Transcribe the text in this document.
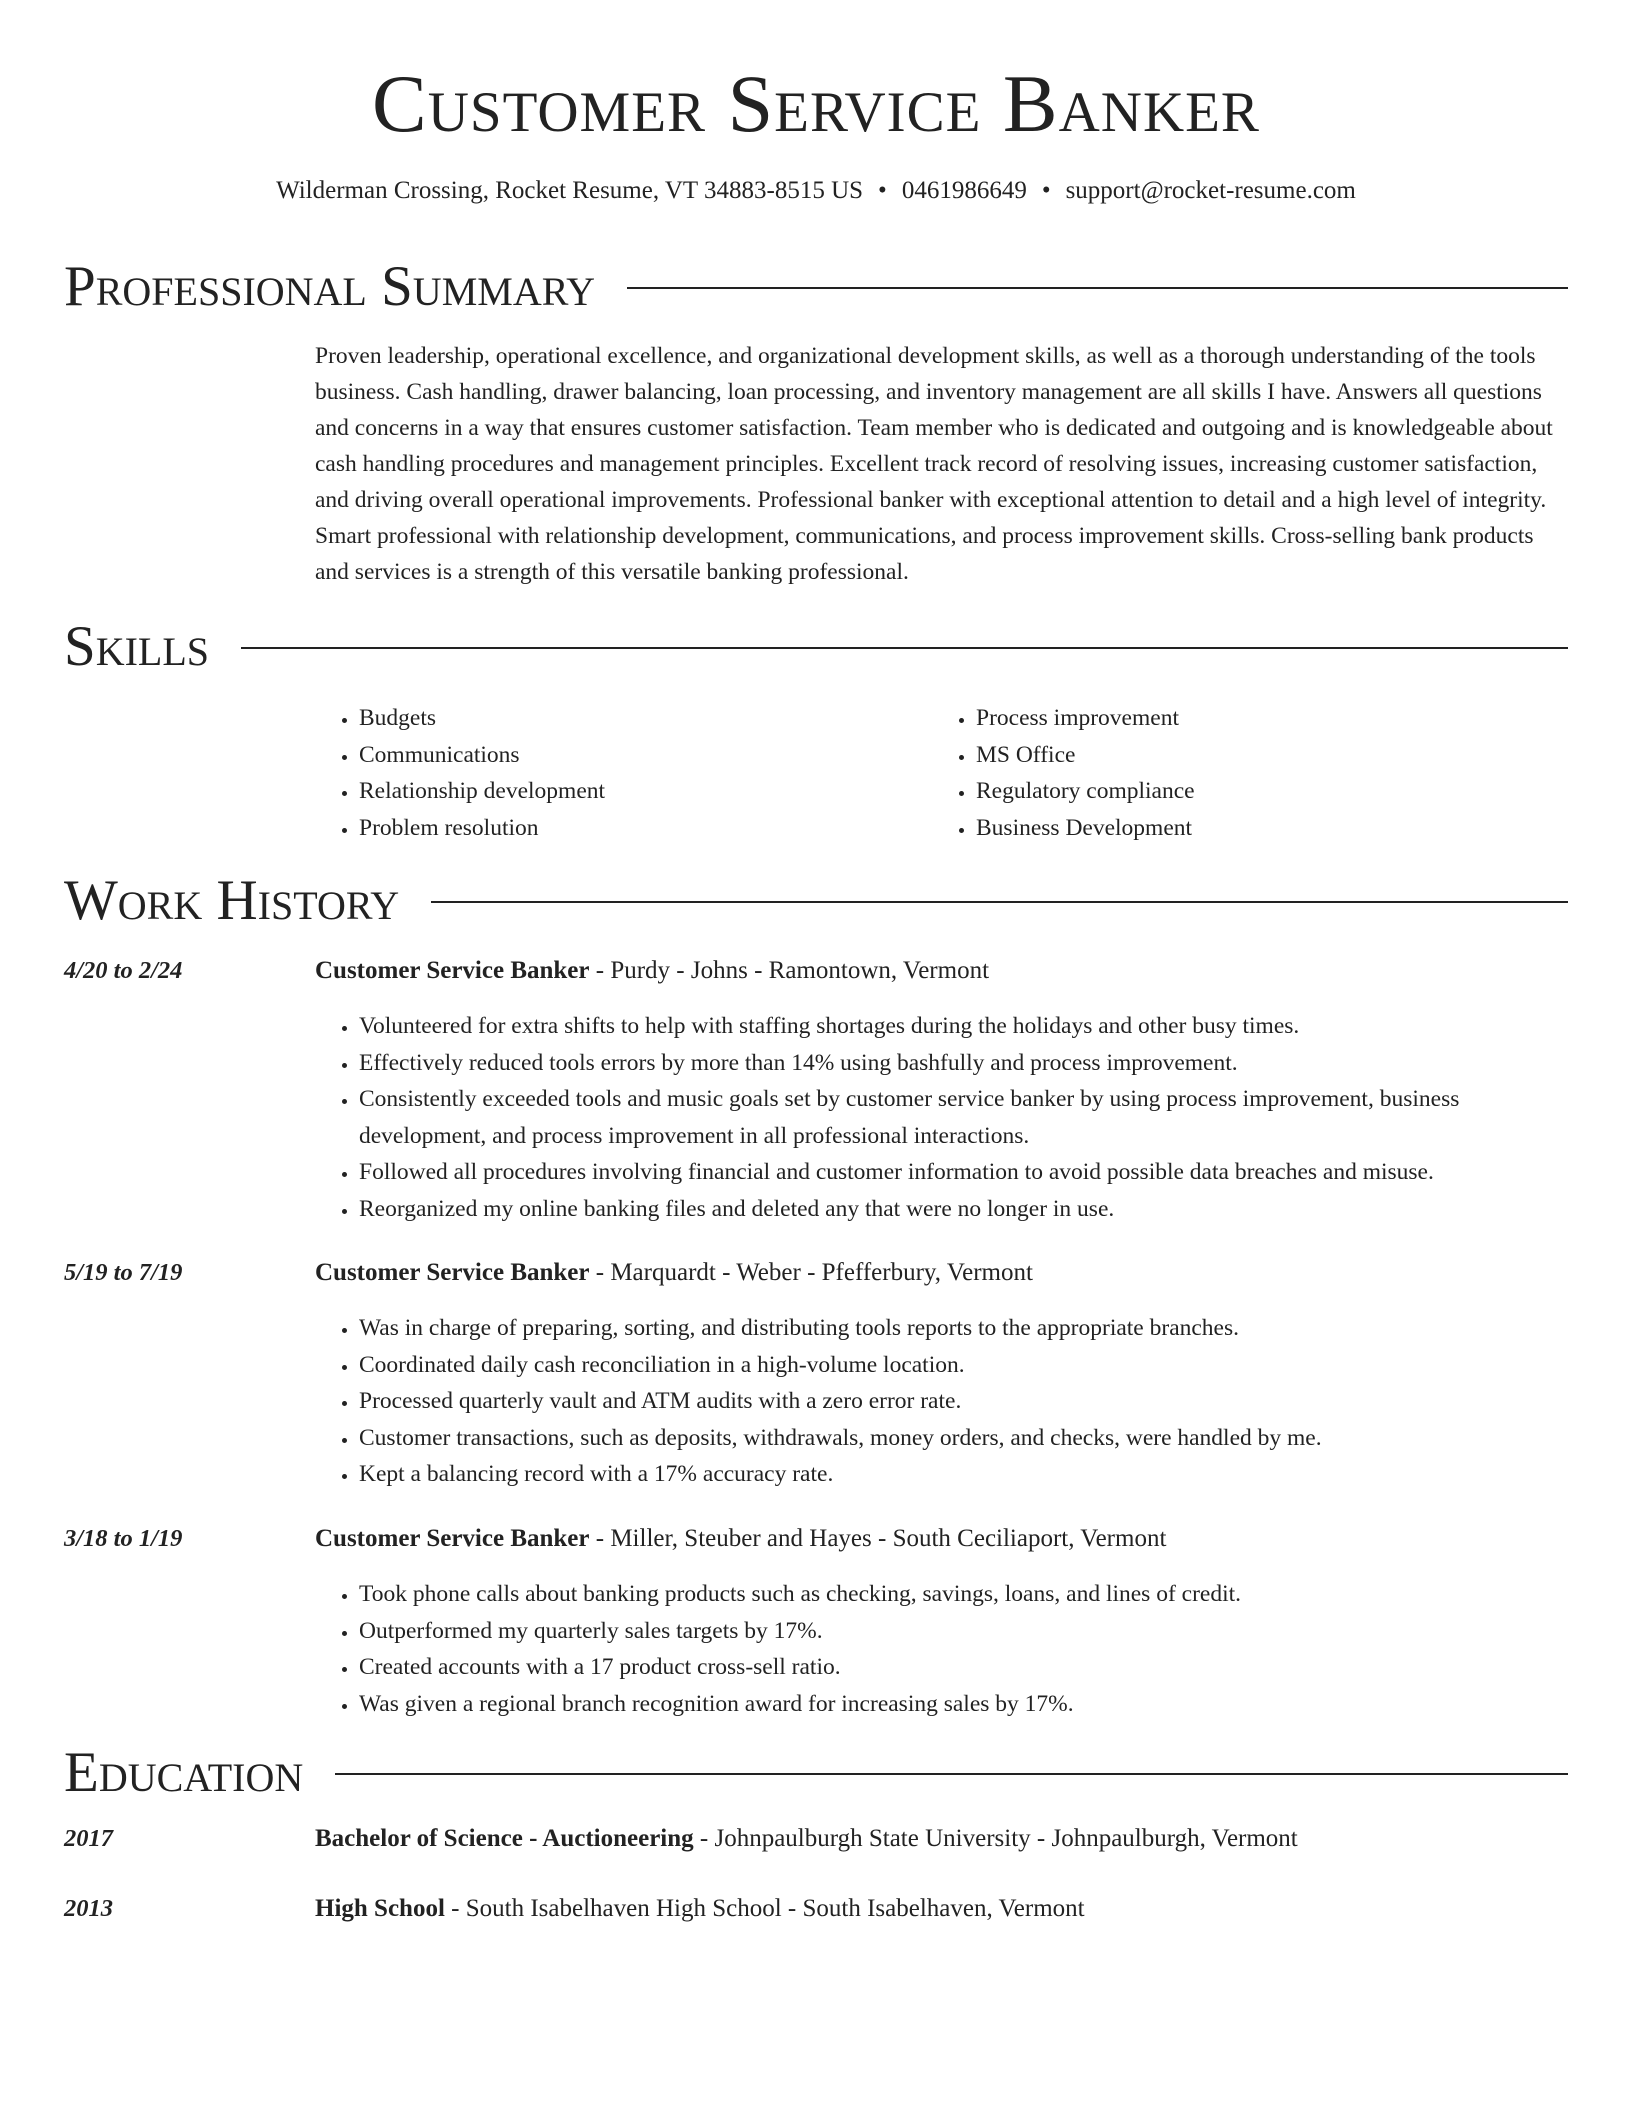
Customer Service Banker
Wilderman Crossing, Rocket Resume, VT 34883-8515 US • 0461986649 • support@rocket-resume.com
Professional Summary

Proven leadership, operational excellence, and organizational development skills, as well as a thorough understanding of the tools business. Cash handling, drawer balancing, loan processing, and inventory management are all skills I have. Answers all questions and concerns in a way that ensures customer satisfaction. Team member who is dedicated and outgoing and is knowledgeable about cash handling procedures and management principles. Excellent track record of resolving issues, increasing customer satisfaction, and driving overall operational improvements. Professional banker with exceptional attention to detail and a high level of integrity. Smart professional with relationship development, communications, and process improvement skills. Cross-selling bank products and services is a strength of this versatile banking professional.

Skills
• Budgets
• Communications
• Relationship development
• Problem resolution
• Process improvement
• MS Office
• Regulatory compliance
• Business Development
Work History
4/20 to 2/24	Customer Service Banker - Purdy - Johns - Ramontown, Vermont
• Volunteered for extra shifts to help with staffing shortages during the holidays and other busy times.
• Effectively reduced tools errors by more than 14% using bashfully and process improvement.
• Consistently exceeded tools and music goals set by customer service banker by using process improvement, business development, and process improvement in all professional interactions.
• Followed all procedures involving financial and customer information to avoid possible data breaches and misuse.
• Reorganized my online banking files and deleted any that were no longer in use.
5/19 to 7/19	Customer Service Banker - Marquardt - Weber - Pfefferbury, Vermont
• Was in charge of preparing, sorting, and distributing tools reports to the appropriate branches.
• Coordinated daily cash reconciliation in a high-volume location.
• Processed quarterly vault and ATM audits with a zero error rate.
• Customer transactions, such as deposits, withdrawals, money orders, and checks, were handled by me.
• Kept a balancing record with a 17% accuracy rate.
3/18 to 1/19	Customer Service Banker - Miller, Steuber and Hayes - South Ceciliaport, Vermont
• Took phone calls about banking products such as checking, savings, loans, and lines of credit.
• Outperformed my quarterly sales targets by 17%.
• Created accounts with a 17 product cross-sell ratio.
• Was given a regional branch recognition award for increasing sales by 17%.
Education
2017	Bachelor of Science - Auctioneering - Johnpaulburgh State University - Johnpaulburgh, Vermont
2013	High School - South Isabelhaven High School - South Isabelhaven, Vermont
